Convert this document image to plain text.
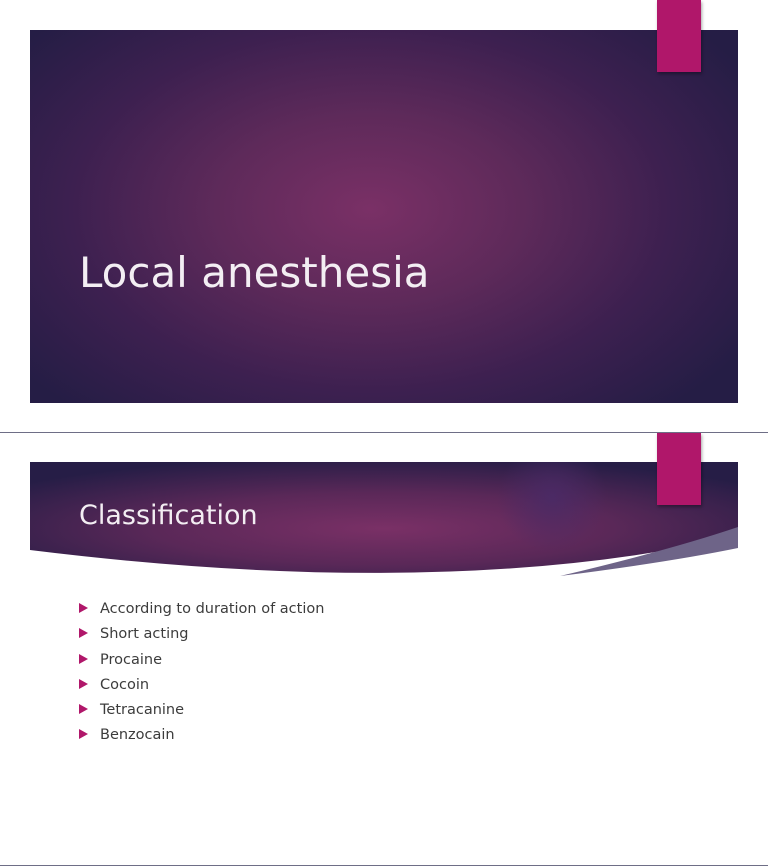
Local anesthesia
Classification
According to duration of action
Short acting
Procaine
Cocoin
Tetracanine
Benzocain
